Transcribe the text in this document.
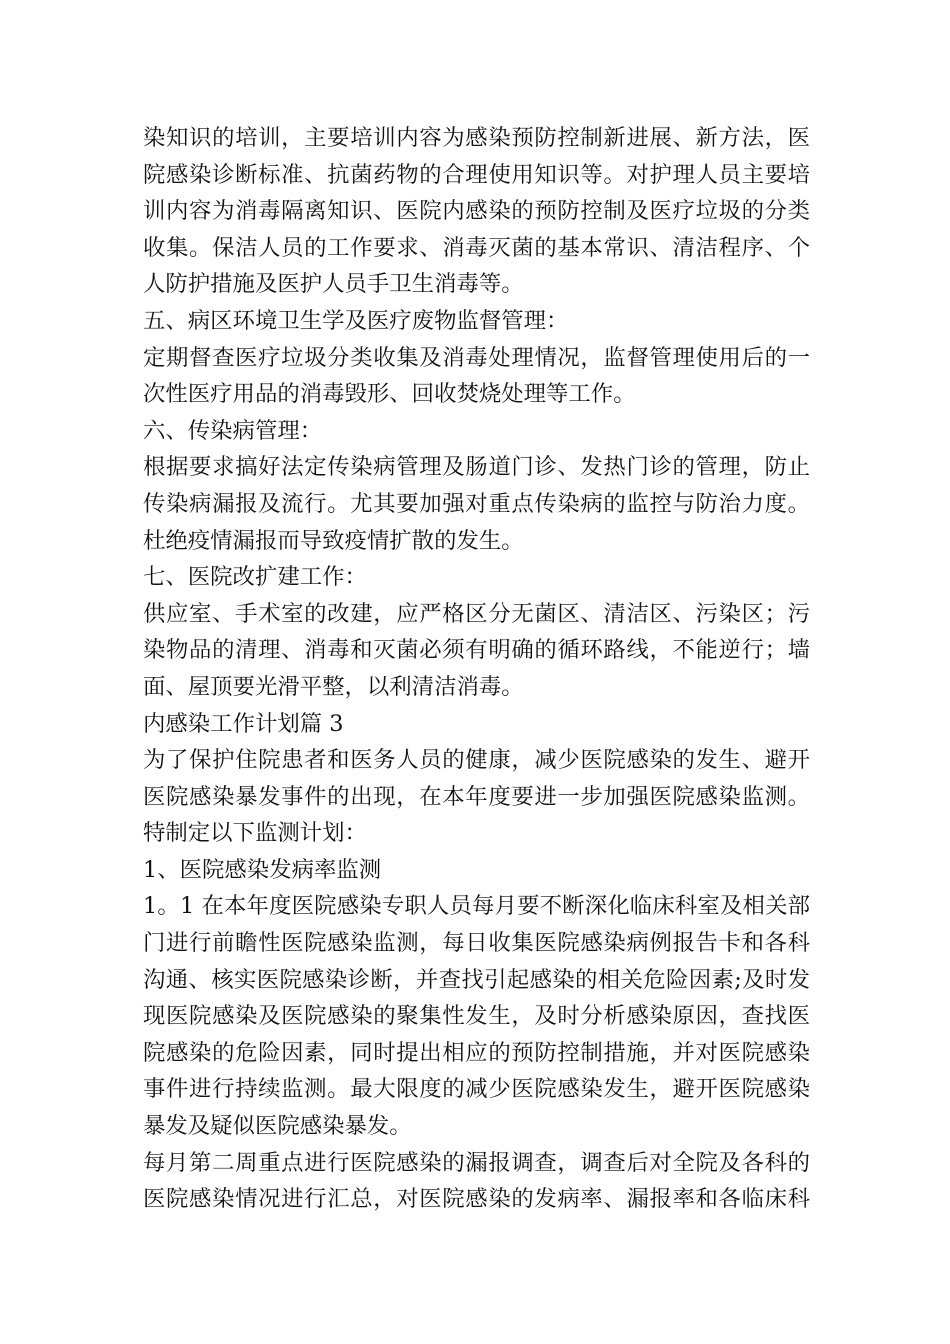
染知识的培训，主要培训内容为感染预防控制新进展、新方法，医
院感染诊断标准、抗菌药物的合理使用知识等。对护理人员主要培
训内容为消毒隔离知识、医院内感染的预防控制及医疗垃圾的分类
收集。保洁人员的工作要求、消毒灭菌的基本常识、清洁程序、个
人防护措施及医护人员手卫生消毒等。
五、病区环境卫生学及医疗废物监督管理：
定期督查医疗垃圾分类收集及消毒处理情况，监督管理使用后的一
次性医疗用品的消毒毁形、回收焚烧处理等工作。
六、传染病管理：
根据要求搞好法定传染病管理及肠道门诊、发热门诊的管理，防止
传染病漏报及流行。尤其要加强对重点传染病的监控与防治力度。
杜绝疫情漏报而导致疫情扩散的发生。
七、医院改扩建工作：
供应室、手术室的改建，应严格区分无菌区、清洁区、污染区；污
染物品的清理、消毒和灭菌必须有明确的循环路线，不能逆行；墙
面、屋顶要光滑平整，以利清洁消毒。
内感染工作计划篇 3
为了保护住院患者和医务人员的健康，减少医院感染的发生、避开
医院感染暴发事件的出现，在本年度要进一步加强医院感染监测。
特制定以下监测计划：
1、医院感染发病率监测
1。1 在本年度医院感染专职人员每月要不断深化临床科室及相关部
门进行前瞻性医院感染监测，每日收集医院感染病例报告卡和各科
沟通、核实医院感染诊断，并查找引起感染的相关危险因素;及时发
现医院感染及医院感染的聚集性发生，及时分析感染原因，查找医
院感染的危险因素，同时提出相应的预防控制措施，并对医院感染
事件进行持续监测。最大限度的减少医院感染发生，避开医院感染
暴发及疑似医院感染暴发。
每月第二周重点进行医院感染的漏报调查，调查后对全院及各科的
医院感染情况进行汇总，对医院感染的发病率、漏报率和各临床科
